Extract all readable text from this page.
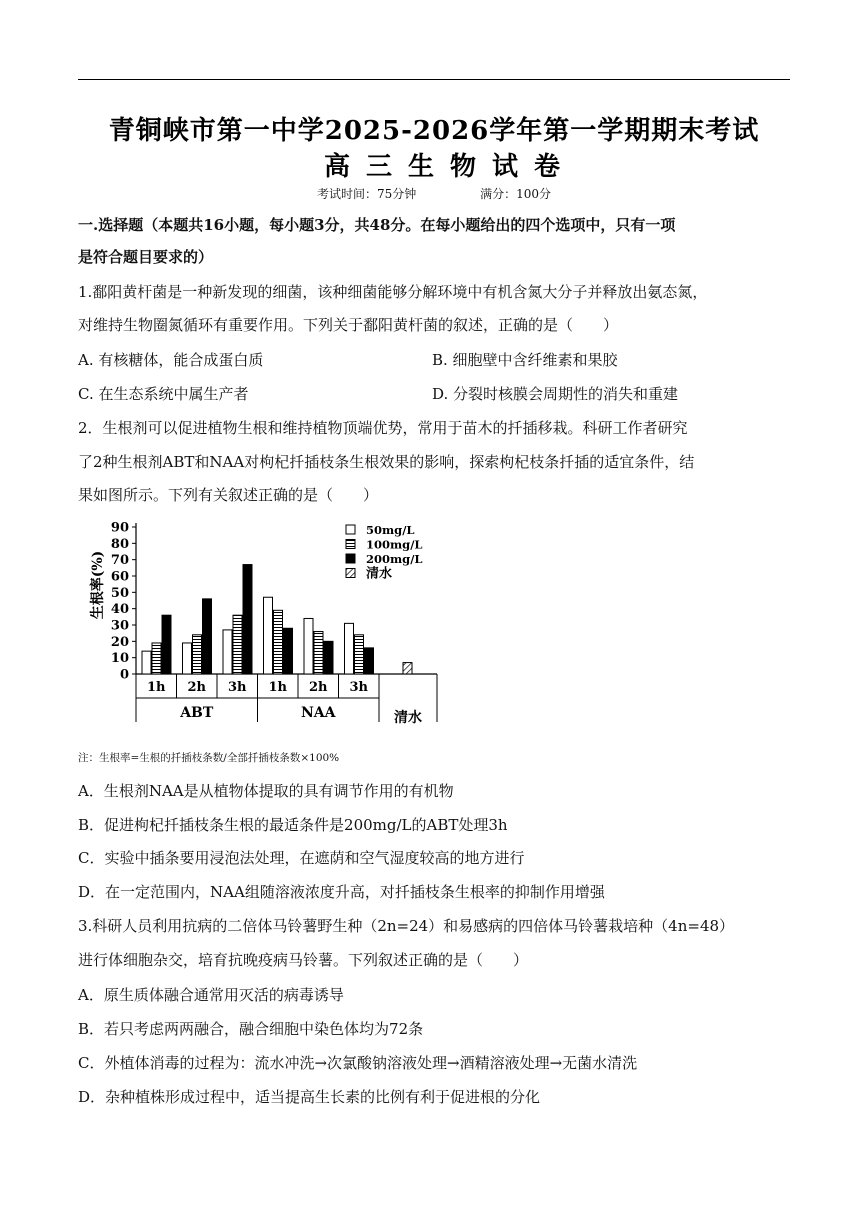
青铜峡市第一中学2025-2026学年第一学期期末考试
高三生物试卷
考试时间：75分钟	满分：100分
一.选择题（本题共16小题，每小题3分，共48分。在每小题给出的四个选项中，只有一项
是符合题目要求的）
1.鄱阳黄杆菌是一种新发现的细菌，该种细菌能够分解环境中有机含氮大分子并释放出氨态氮，
对维持生物圈氮循环有重要作用。下列关于鄱阳黄杆菌的叙述，正确的是（　　）
A. 有核糖体，能合成蛋白质	B. 细胞壁中含纤维素和果胶
C. 在生态系统中属生产者	D. 分裂时核膜会周期性的消失和重建
2．生根剂可以促进植物生根和维持植物顶端优势，常用于苗木的扦插移栽。科研工作者研究
了2种生根剂ABT和NAA对枸杞扦插枝条生根效果的影响，探索枸杞枝条扦插的适宜条件，结
果如图所示。下列有关叙述正确的是（　　）
生根率(%)
0
10
20
30
40
50
60
70
80
90
1h 2h 3h 1h 2h 3h
ABT	NAA	清水
50mg/L
100mg/L
200mg/L
清水
注：生根率=生根的扦插枝条数/全部扦插枝条数×100%
A．生根剂NAA是从植物体提取的具有调节作用的有机物
B．促进枸杞扦插枝条生根的最适条件是200mg/L的ABT处理3h
C．实验中插条要用浸泡法处理，在遮荫和空气湿度较高的地方进行
D．在一定范围内，NAA组随溶液浓度升高，对扦插枝条生根率的抑制作用增强
3.科研人员利用抗病的二倍体马铃薯野生种（2n=24）和易感病的四倍体马铃薯栽培种（4n=48）
进行体细胞杂交，培育抗晚疫病马铃薯。下列叙述正确的是（　　）
A．原生质体融合通常用灭活的病毒诱导
B．若只考虑两两融合，融合细胞中染色体均为72条
C．外植体消毒的过程为：流水冲洗→次氯酸钠溶液处理→酒精溶液处理→无菌水清洗
D．杂种植株形成过程中，适当提高生长素的比例有利于促进根的分化
